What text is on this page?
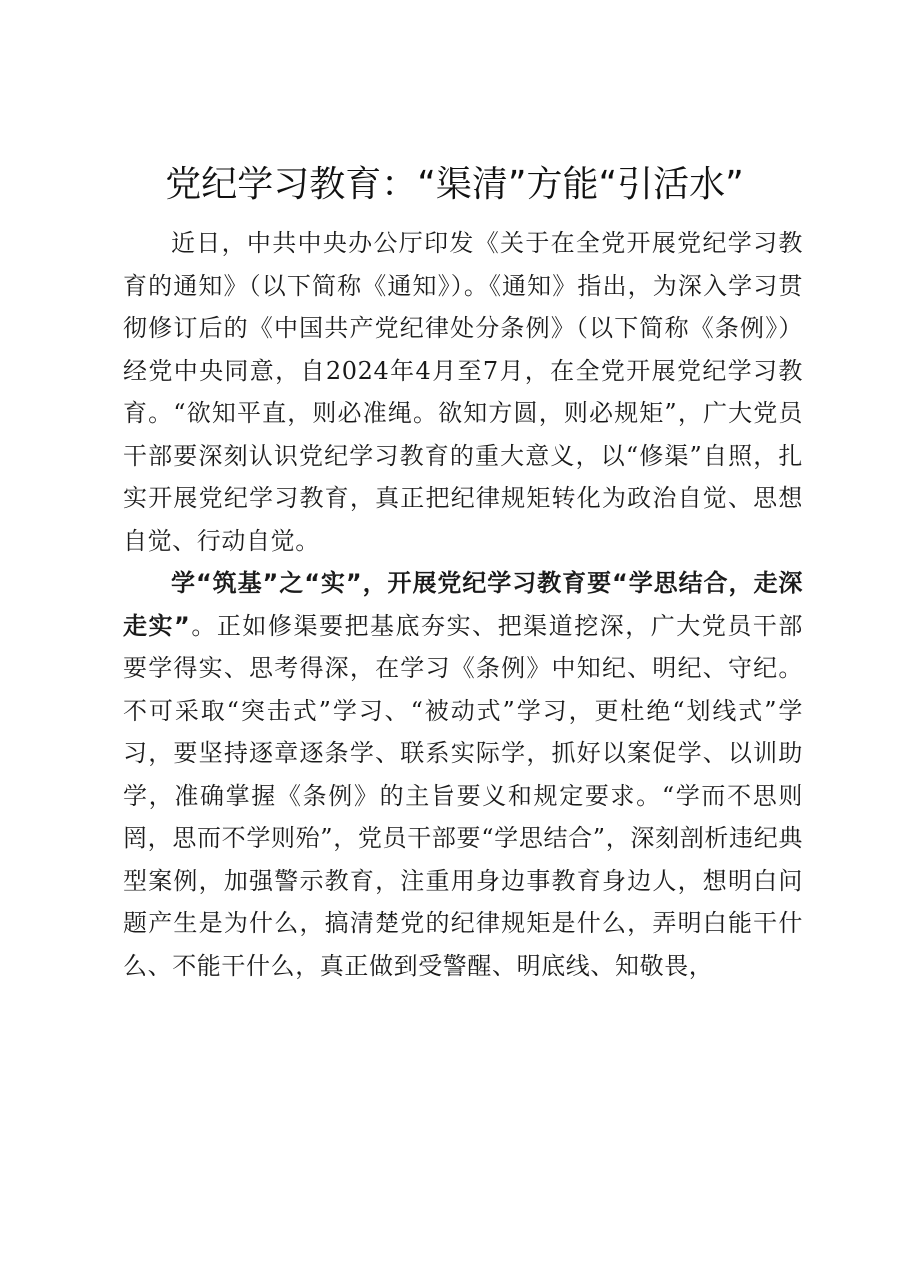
党纪学习教育：“渠清”方能“引活水”

近日，中共中央办公厅印发《关于在全党开展党纪学习教育的通知》（以下简称《通知》）。《通知》指出，为深入学习贯彻修订后的《中国共产党纪律处分条例》（以下简称《条例》）经党中央同意，自2024年4月至7月，在全党开展党纪学习教育。“欲知平直，则必准绳。欲知方圆，则必规矩”，广大党员干部要深刻认识党纪学习教育的重大意义，以“修渠”自照，扎实开展党纪学习教育，真正把纪律规矩转化为政治自觉、思想自觉、行动自觉。

学“筑基”之“实”，开展党纪学习教育要“学思结合，走深走实”。正如修渠要把基底夯实、把渠道挖深，广大党员干部要学得实、思考得深，在学习《条例》中知纪、明纪、守纪。不可采取“突击式”学习、“被动式”学习，更杜绝“划线式”学习，要坚持逐章逐条学、联系实际学，抓好以案促学、以训助学，准确掌握《条例》的主旨要义和规定要求。“学而不思则罔，思而不学则殆”，党员干部要“学思结合”，深刻剖析违纪典型案例，加强警示教育，注重用身边事教育身边人，想明白问题产生是为什么，搞清楚党的纪律规矩是什么，弄明白能干什么、不能干什么，真正做到受警醒、明底线、知敬畏，
